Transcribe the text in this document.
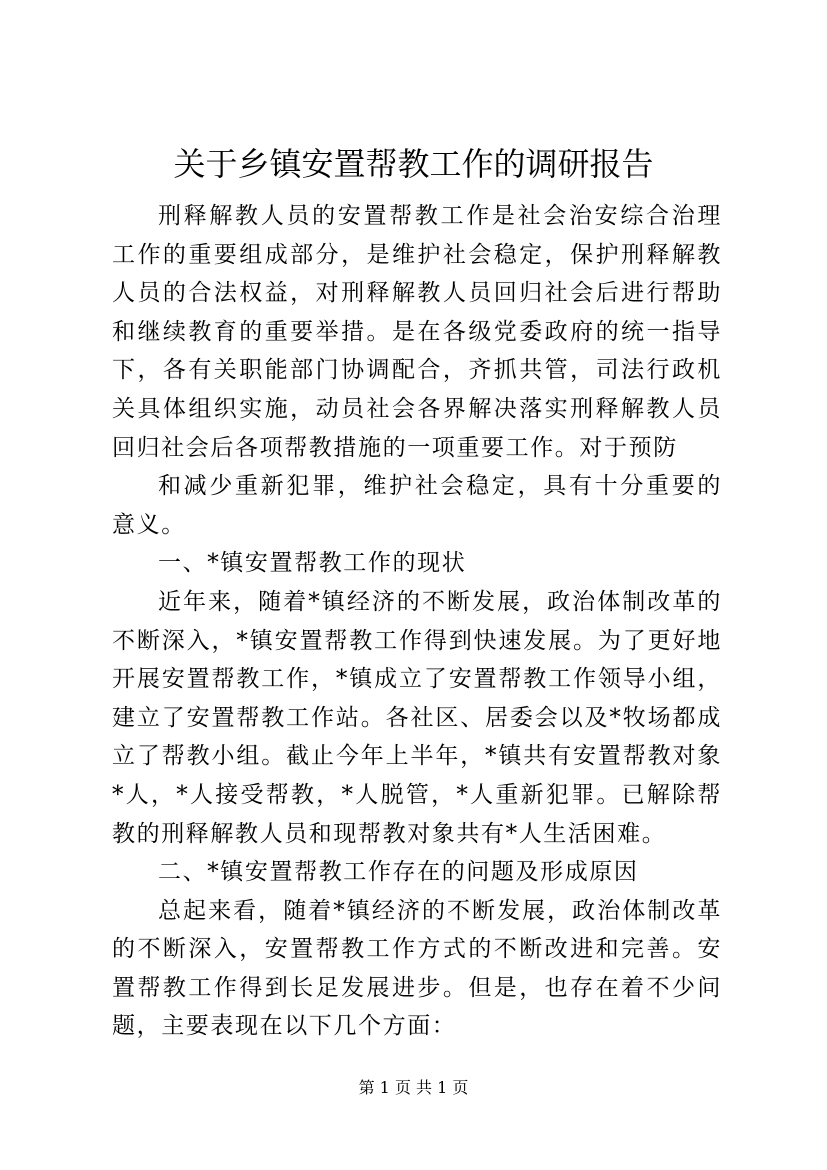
关于乡镇安置帮教工作的调研报告

刑释解教人员的安置帮教工作是社会治安综合治理工作的重要组成部分，是维护社会稳定，保护刑释解教人员的合法权益，对刑释解教人员回归社会后进行帮助和继续教育的重要举措。是在各级党委政府的统一指导下，各有关职能部门协调配合，齐抓共管，司法行政机关具体组织实施，动员社会各界解决落实刑释解教人员回归社会后各项帮教措施的一项重要工作。对于预防

和减少重新犯罪，维护社会稳定，具有十分重要的意义。

一、*镇安置帮教工作的现状

近年来，随着*镇经济的不断发展，政治体制改革的不断深入，*镇安置帮教工作得到快速发展。为了更好地开展安置帮教工作，*镇成立了安置帮教工作领导小组，建立了安置帮教工作站。各社区、居委会以及*牧场都成立了帮教小组。截止今年上半年，*镇共有安置帮教对象*人，*人接受帮教，*人脱管，*人重新犯罪。已解除帮教的刑释解教人员和现帮教对象共有*人生活困难。

二、*镇安置帮教工作存在的问题及形成原因

总起来看，随着*镇经济的不断发展，政治体制改革的不断深入，安置帮教工作方式的不断改进和完善。安置帮教工作得到长足发展进步。但是，也存在着不少问题，主要表现在以下几个方面：

第 1 页 共 1 页
